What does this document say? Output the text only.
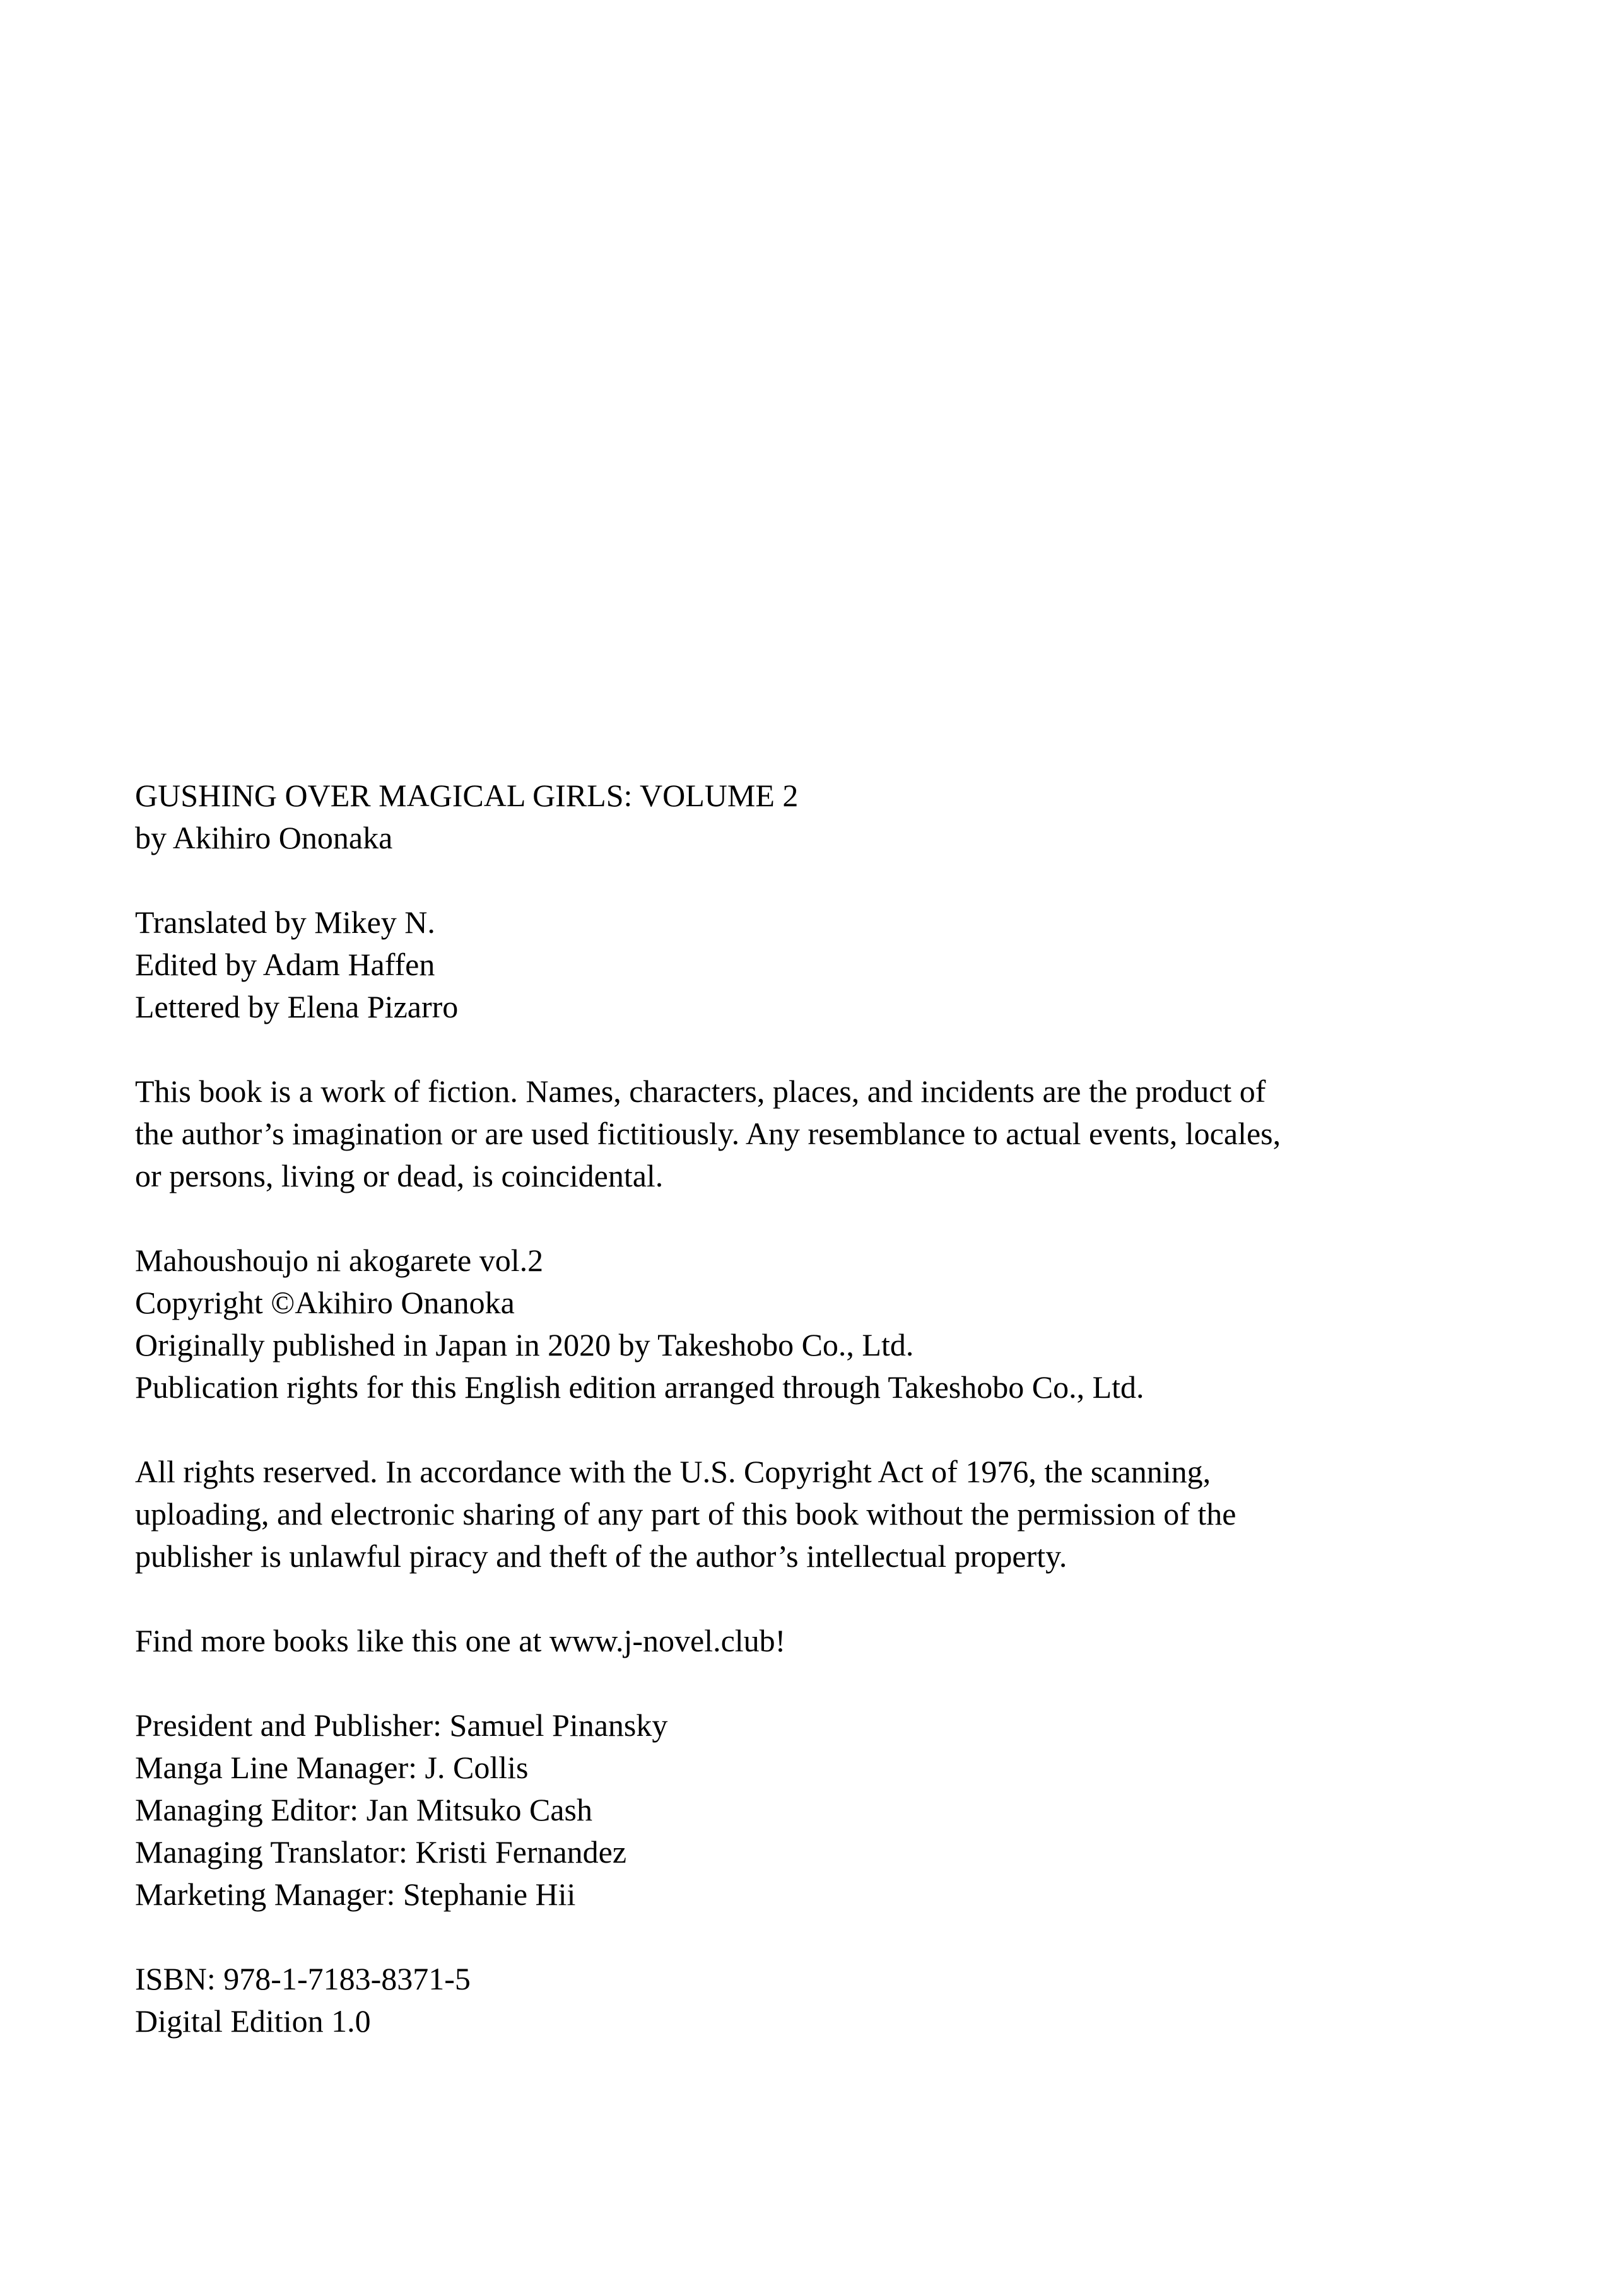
GUSHING OVER MAGICAL GIRLS: VOLUME 2
by Akihiro Ononaka
Translated by Mikey N.
Edited by Adam Haffen
Lettered by Elena Pizarro
This book is a work of fiction. Names, characters, places, and incidents are the product of
the author’s imagination or are used fictitiously. Any resemblance to actual events, locales,
or persons, living or dead, is coincidental.
Mahoushoujo ni akogarete vol.2
Copyright ©Akihiro Onanoka
Originally published in Japan in 2020 by Takeshobo Co., Ltd.
Publication rights for this English edition arranged through Takeshobo Co., Ltd.
All rights reserved. In accordance with the U.S. Copyright Act of 1976, the scanning,
uploading, and electronic sharing of any part of this book without the permission of the
publisher is unlawful piracy and theft of the author’s intellectual property.
Find more books like this one at www.j-novel.club!
President and Publisher: Samuel Pinansky
Manga Line Manager: J. Collis
Managing Editor: Jan Mitsuko Cash
Managing Translator: Kristi Fernandez
Marketing Manager: Stephanie Hii
ISBN: 978-1-7183-8371-5
Digital Edition 1.0
